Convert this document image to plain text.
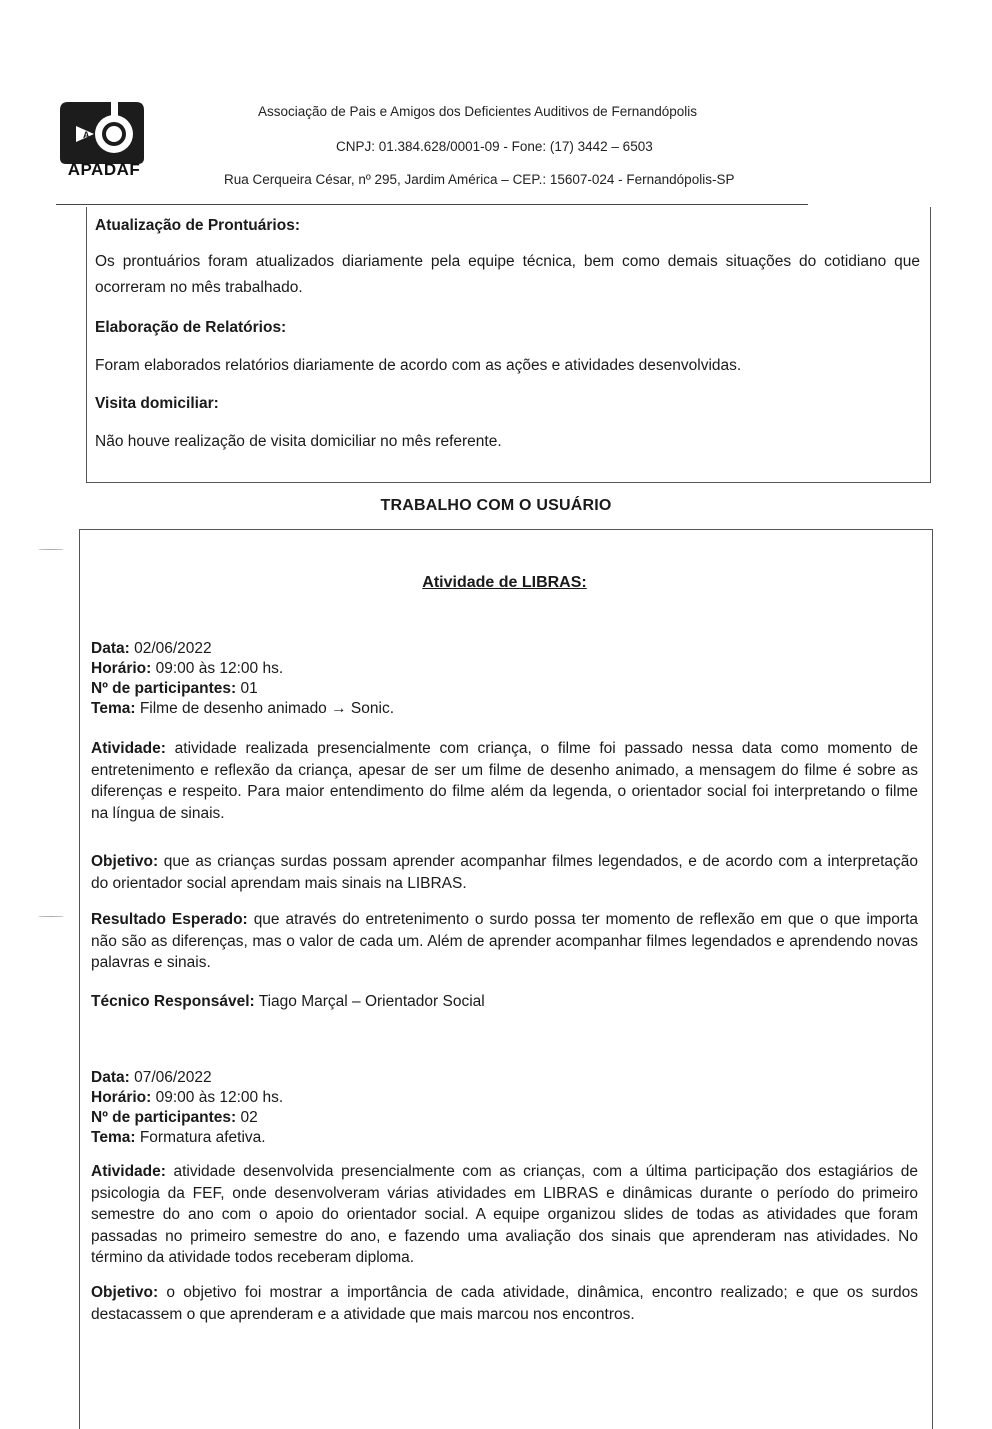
A
APADAF
Associação de Pais e Amigos dos Deficientes Auditivos de Fernandópolis
CNPJ: 01.384.628/0001-09 - Fone: (17) 3442 – 6503
Rua Cerqueira César, nº 295, Jardim América – CEP.: 15607-024 - Fernandópolis-SP
Atualização de Prontuários:

Os prontuários foram atualizados diariamente pela equipe técnica, bem como demais situações do cotidiano que ocorreram no mês trabalhado.

Elaboração de Relatórios:

Foram elaborados relatórios diariamente de acordo com as ações e atividades desenvolvidas.

Visita domiciliar:

Não houve realização de visita domiciliar no mês referente.

TRABALHO COM O USUÁRIO
Atividade de LIBRAS:
Data: 02/06/2022
Horário: 09:00 às 12:00 hs.
Nº de participantes: 01
Tema: Filme de desenho animado → Sonic.
Atividade: atividade realizada presencialmente com criança, o filme foi passado nessa data como momento de entretenimento e reflexão da criança, apesar de ser um filme de desenho animado, a mensagem do filme é sobre as diferenças e respeito. Para maior entendimento do filme além da legenda, o orientador social foi interpretando o filme na língua de sinais.
Objetivo: que as crianças surdas possam aprender acompanhar filmes legendados, e de acordo com a interpretação do orientador social aprendam mais sinais na LIBRAS.
Resultado Esperado: que através do entretenimento o surdo possa ter momento de reflexão em que o que importa não são as diferenças, mas o valor de cada um. Além de aprender acompanhar filmes legendados e aprendendo novas palavras e sinais.
Técnico Responsável: Tiago Marçal – Orientador Social
Data: 07/06/2022
Horário: 09:00 às 12:00 hs.
Nº de participantes: 02
Tema: Formatura afetiva.
Atividade: atividade desenvolvida presencialmente com as crianças, com a última participação dos estagiários de psicologia da FEF, onde desenvolveram várias atividades em LIBRAS e dinâmicas durante o período do primeiro semestre do ano com o apoio do orientador social. A equipe organizou slides de todas as atividades que foram passadas no primeiro semestre do ano, e fazendo uma avaliação dos sinais que aprenderam nas atividades. No término da atividade todos receberam diploma.
Objetivo: o objetivo foi mostrar a importância de cada atividade, dinâmica, encontro realizado; e que os surdos destacassem o que aprenderam e a atividade que mais marcou nos encontros.
